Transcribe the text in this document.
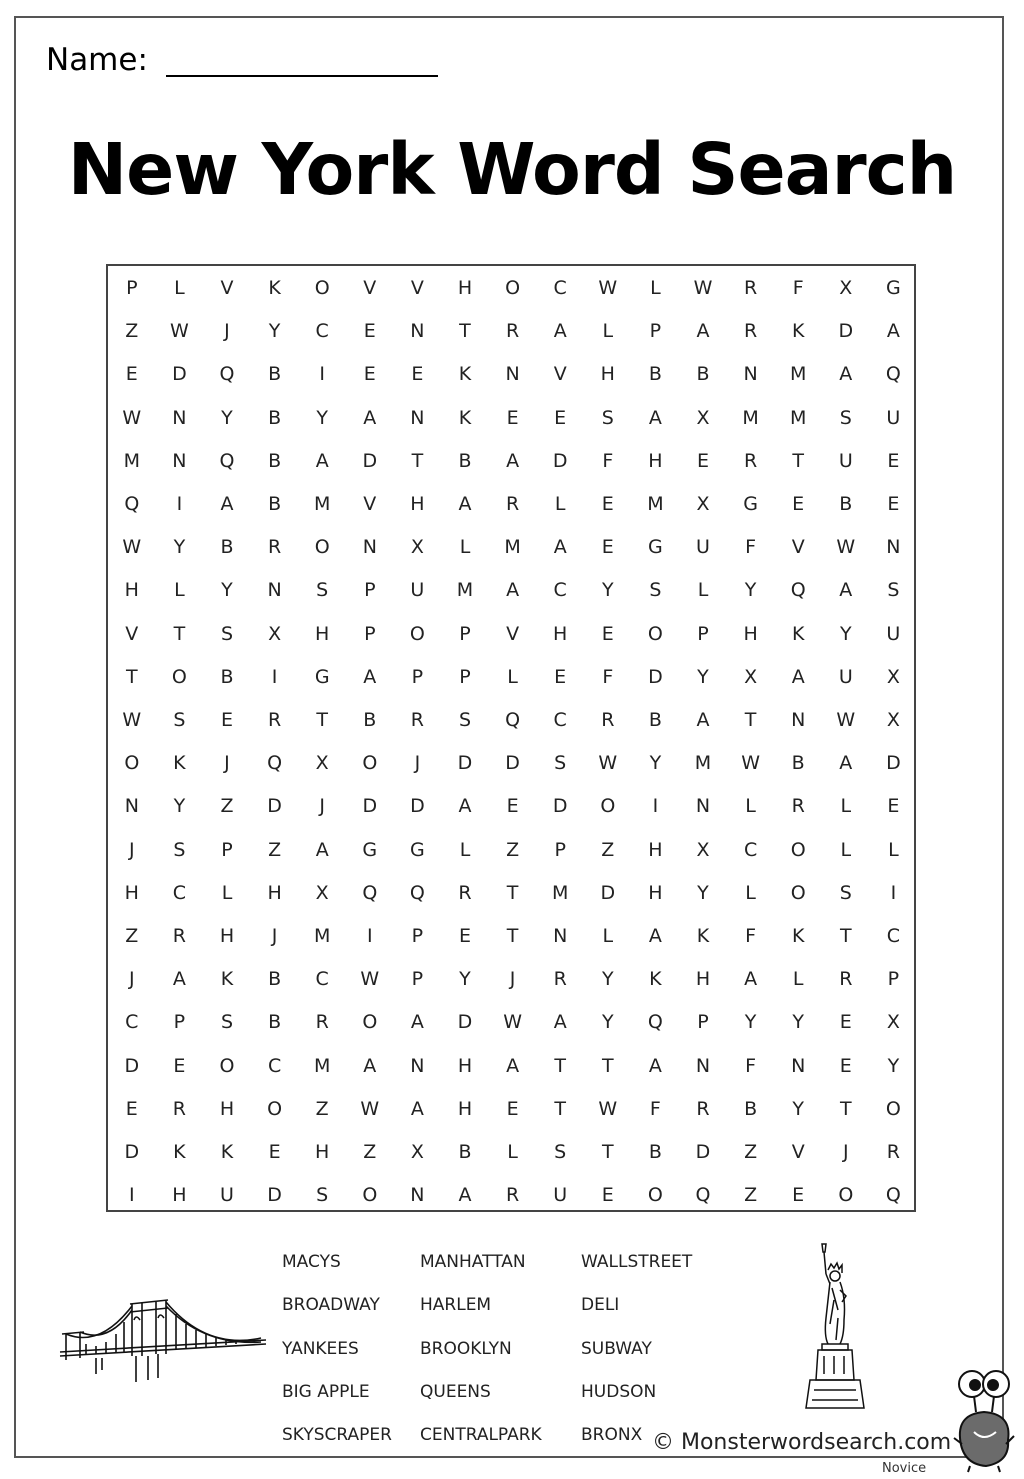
Name:
New York Word Search
P	L	V	K	O	V	V	H	O	C	W	L	W	R	F	X	G
Z	W	J	Y	C	E	N	T	R	A	L	P	A	R	K	D	A
E	D	Q	B	I	E	E	K	N	V	H	B	B	N	M	A	Q
W	N	Y	B	Y	A	N	K	E	E	S	A	X	M	M	S	U
M	N	Q	B	A	D	T	B	A	D	F	H	E	R	T	U	E
Q	I	A	B	M	V	H	A	R	L	E	M	X	G	E	B	E
W	Y	B	R	O	N	X	L	M	A	E	G	U	F	V	W	N
H	L	Y	N	S	P	U	M	A	C	Y	S	L	Y	Q	A	S
V	T	S	X	H	P	O	P	V	H	E	O	P	H	K	Y	U
T	O	B	I	G	A	P	P	L	E	F	D	Y	X	A	U	X
W	S	E	R	T	B	R	S	Q	C	R	B	A	T	N	W	X
O	K	J	Q	X	O	J	D	D	S	W	Y	M	W	B	A	D
N	Y	Z	D	J	D	D	A	E	D	O	I	N	L	R	L	E
J	S	P	Z	A	G	G	L	Z	P	Z	H	X	C	O	L	L
H	C	L	H	X	Q	Q	R	T	M	D	H	Y	L	O	S	I
Z	R	H	J	M	I	P	E	T	N	L	A	K	F	K	T	C
J	A	K	B	C	W	P	Y	J	R	Y	K	H	A	L	R	P
C	P	S	B	R	O	A	D	W	A	Y	Q	P	Y	Y	E	X
D	E	O	C	M	A	N	H	A	T	T	A	N	F	N	E	Y
E	R	H	O	Z	W	A	H	E	T	W	F	R	B	Y	T	O
D	K	K	E	H	Z	X	B	L	S	T	B	D	Z	V	J	R
I	H	U	D	S	O	N	A	R	U	E	O	Q	Z	E	O	Q
MACYS
BROADWAY
YANKEES
BIG APPLE
SKYSCRAPER
MANHATTAN
HARLEM
BROOKLYN
QUEENS
CENTRALPARK
WALLSTREET
DELI
SUBWAY
HUDSON
BRONX © Monsterwordsearch.com
Novice
